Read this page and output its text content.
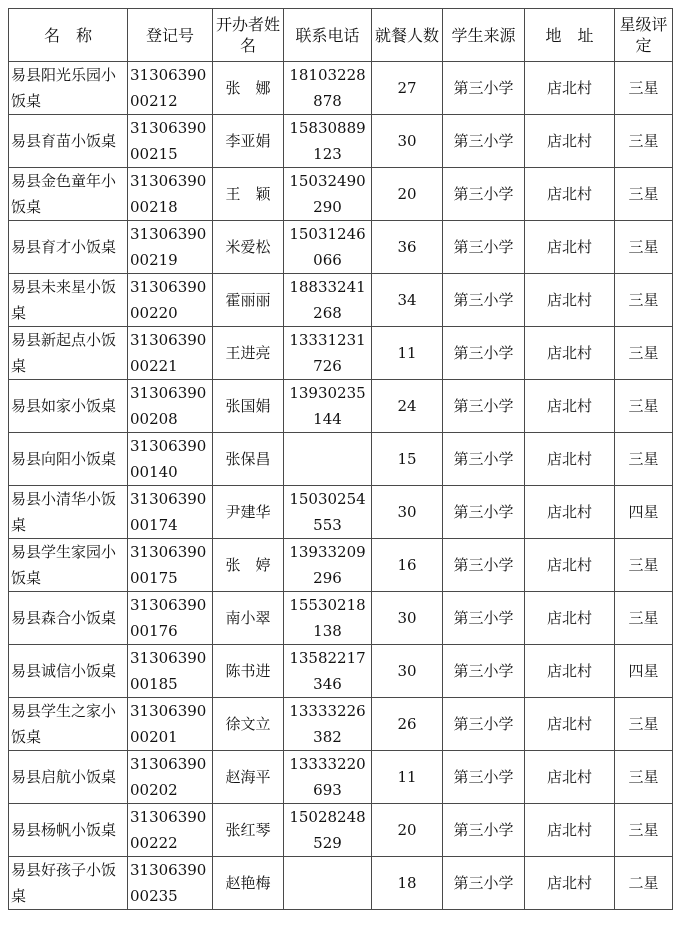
名　称	登记号	开办者姓名	联系电话	就餐人数	学生来源	地　址	星级评定
易县阳光乐园小饭桌	3130639000212	张　娜	18103228878	27	第三小学	店北村	三星
易县育苗小饭桌	3130639000215	李亚娟	15830889123	30	第三小学	店北村	三星
易县金色童年小饭桌	3130639000218	王　颖	15032490290	20	第三小学	店北村	三星
易县育才小饭桌	3130639000219	米爱松	15031246066	36	第三小学	店北村	三星
易县未来星小饭桌	3130639000220	霍丽丽	18833241268	34	第三小学	店北村	三星
易县新起点小饭桌	3130639000221	王进亮	13331231726	11	第三小学	店北村	三星
易县如家小饭桌	3130639000208	张国娟	13930235144	24	第三小学	店北村	三星
易县向阳小饭桌	3130639000140	张保昌		15	第三小学	店北村	三星
易县小清华小饭桌	3130639000174	尹建华	15030254553	30	第三小学	店北村	四星
易县学生家园小饭桌	3130639000175	张　婷	13933209296	16	第三小学	店北村	三星
易县森合小饭桌	3130639000176	南小翠	15530218138	30	第三小学	店北村	三星
易县诚信小饭桌	3130639000185	陈书进	13582217346	30	第三小学	店北村	四星
易县学生之家小饭桌	3130639000201	徐文立	13333226382	26	第三小学	店北村	三星
易县启航小饭桌	3130639000202	赵海平	13333220693	11	第三小学	店北村	三星
易县杨帆小饭桌	3130639000222	张红琴	15028248529	20	第三小学	店北村	三星
易县好孩子小饭桌	3130639000235	赵艳梅		18	第三小学	店北村	二星
